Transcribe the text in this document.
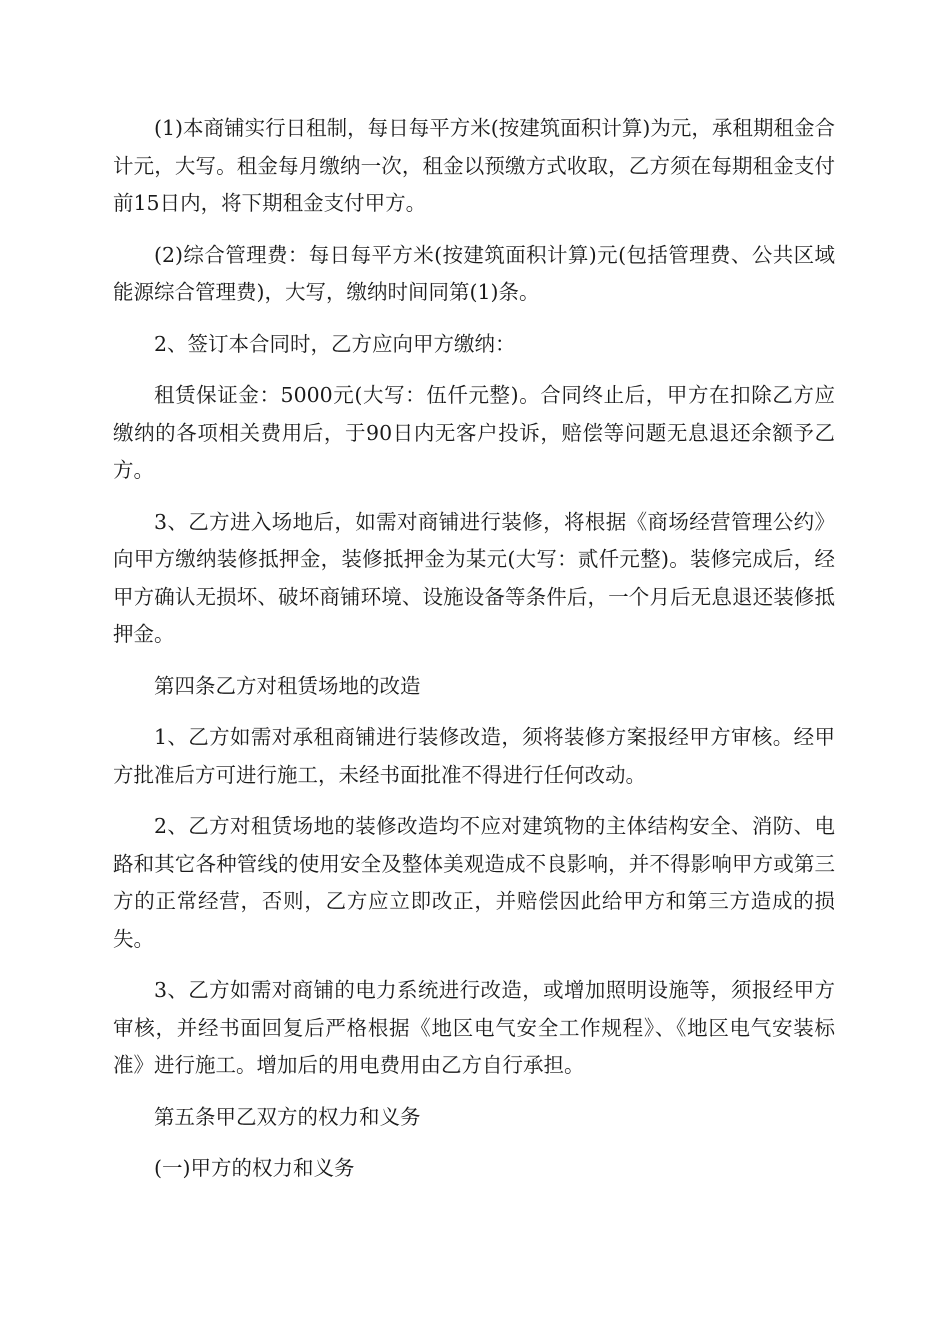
(1)本商铺实行日租制，每日每平方米(按建筑面积计算)为元，承租期租金合计元，大写。租金每月缴纳一次，租金以预缴方式收取，乙方须在每期租金支付前15日内，将下期租金支付甲方。

(2)综合管理费：每日每平方米(按建筑面积计算)元(包括管理费、公共区域能源综合管理费)，大写，缴纳时间同第(1)条。

2、签订本合同时，乙方应向甲方缴纳：

租赁保证金：5000元(大写：伍仟元整)。合同终止后，甲方在扣除乙方应缴纳的各项相关费用后，于90日内无客户投诉，赔偿等问题无息退还余额予乙方。

3、乙方进入场地后，如需对商铺进行装修，将根据《商场经营管理公约》向甲方缴纳装修抵押金，装修抵押金为某元(大写：贰仟元整)。装修完成后，经甲方确认无损坏、破坏商铺环境、设施设备等条件后，一个月后无息退还装修抵押金。

第四条乙方对租赁场地的改造

1、乙方如需对承租商铺进行装修改造，须将装修方案报经甲方审核。经甲方批准后方可进行施工，未经书面批准不得进行任何改动。

2、乙方对租赁场地的装修改造均不应对建筑物的主体结构安全、消防、电路和其它各种管线的使用安全及整体美观造成不良影响，并不得影响甲方或第三方的正常经营，否则，乙方应立即改正，并赔偿因此给甲方和第三方造成的损失。

3、乙方如需对商铺的电力系统进行改造，或增加照明设施等，须报经甲方审核，并经书面回复后严格根据《地区电气安全工作规程》、《地区电气安装标准》进行施工。增加后的用电费用由乙方自行承担。

第五条甲乙双方的权力和义务

(一)甲方的权力和义务
